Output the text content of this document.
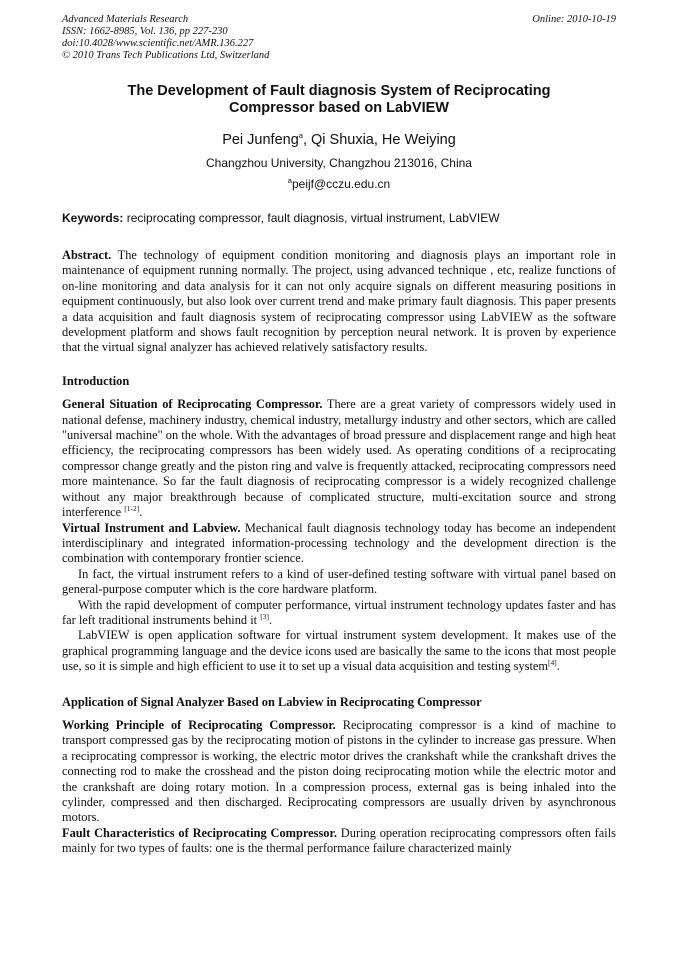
Advanced Materials Research
ISSN: 1662-8985, Vol. 136, pp 227-230
doi:10.4028/www.scientific.net/AMR.136.227
© 2010 Trans Tech Publications Ltd, Switzerland
Online: 2010-10-19
The Development of Fault diagnosis System of Reciprocating
Compressor based on LabVIEW
Pei Junfeng$^a$, Qi Shuxia, He Weiying
Changzhou University, Changzhou 213016, China
$^a$peijf@cczu.edu.cn
Keywords: reciprocating compressor, fault diagnosis, virtual instrument, LabVIEW

Abstract. The technology of equipment condition monitoring and diagnosis plays an important role in maintenance of equipment running normally. The project, using advanced technique , etc, realize functions of on-line monitoring and data analysis for it can not only acquire signals on different measuring positions in equipment continuously, but also look over current trend and make primary fault diagnosis. This paper presents a data acquisition and fault diagnosis system of reciprocating compressor using LabVIEW as the software development platform and shows fault recognition by perception neural network. It is proven by experience that the virtual signal analyzer has achieved relatively satisfactory results.

Introduction

General Situation of Reciprocating Compressor. There are a great variety of compressors widely used in national defense, machinery industry, chemical industry, metallurgy industry and other sectors, which are called "universal machine" on the whole. With the advantages of broad pressure and displacement range and high heat efficiency, the reciprocating compressors has been widely used. As operating conditions of a reciprocating compressor change greatly and the piston ring and valve is frequently attacked, reciprocating compressors need more maintenance. So far the fault diagnosis of reciprocating compressor is a widely recognized challenge without any major breakthrough because of complicated structure, multi-excitation source and strong interference [1-2].

Virtual Instrument and Labview. Mechanical fault diagnosis technology today has become an independent interdisciplinary and integrated information-processing technology and the development direction is the combination with contemporary frontier science.

In fact, the virtual instrument refers to a kind of user-defined testing software with virtual panel based on general-purpose computer which is the core hardware platform.

With the rapid development of computer performance, virtual instrument technology updates faster and has far left traditional instruments behind it [3].

LabVIEW is open application software for virtual instrument system development. It makes use of the graphical programming language and the device icons used are basically the same to the icons that most people use, so it is simple and high efficient to use it to set up a visual data acquisition and testing system[4].

Application of Signal Analyzer Based on Labview in Reciprocating Compressor

Working Principle of Reciprocating Compressor. Reciprocating compressor is a kind of machine to transport compressed gas by the reciprocating motion of pistons in the cylinder to increase gas pressure. When a reciprocating compressor is working, the electric motor drives the crankshaft while the crankshaft drives the connecting rod to make the crosshead and the piston doing reciprocating motion while the electric motor and the crankshaft are doing rotary motion. In a compression process, external gas is being inhaled into the cylinder, compressed and then discharged. Reciprocating compressors are usually driven by asynchronous motors.

Fault Characteristics of Reciprocating Compressor. During operation reciprocating compressors often fails mainly for two types of faults: one is the thermal performance failure characterized mainly
